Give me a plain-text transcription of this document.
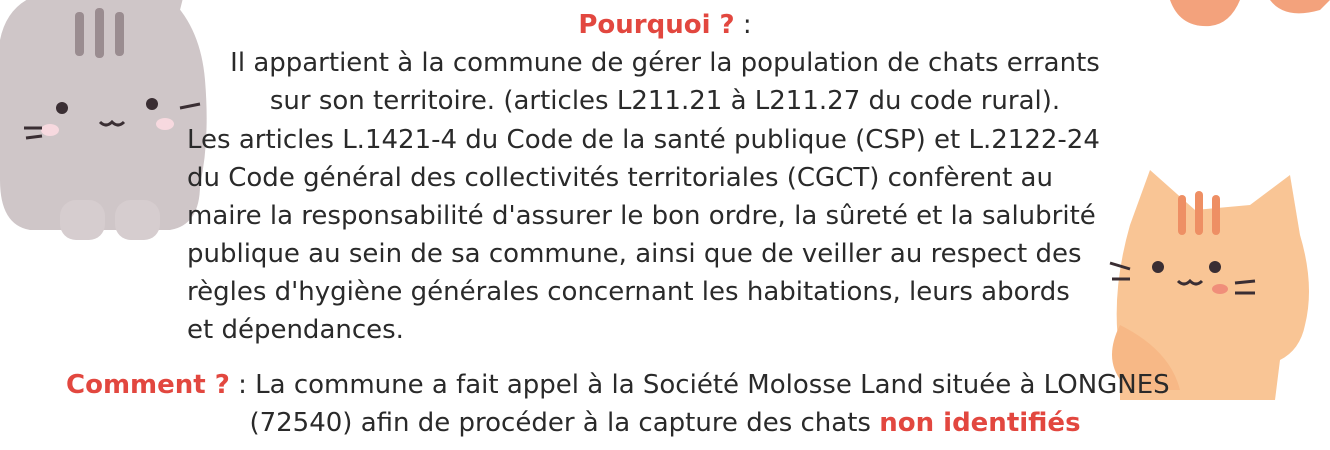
Pourquoi ? :
Il appartient à la commune de gérer la population de chats errants
sur son territoire. (articles L211.21 à L211.27 du code rural).
Les articles L.1421-4 du Code de la santé publique (CSP) et L.2122-24
du Code général des collectivités territoriales (CGCT) confèrent au
maire la responsabilité d'assurer le bon ordre, la sûreté et la salubrité
publique au sein de sa commune, ainsi que de veiller au respect des
règles d'hygiène générales concernant les habitations, leurs abords
et dépendances.
Comment ? : La commune a fait appel à la Société Molosse Land située à LONGNES
(72540) afin de procéder à la capture des chats non identifiés
